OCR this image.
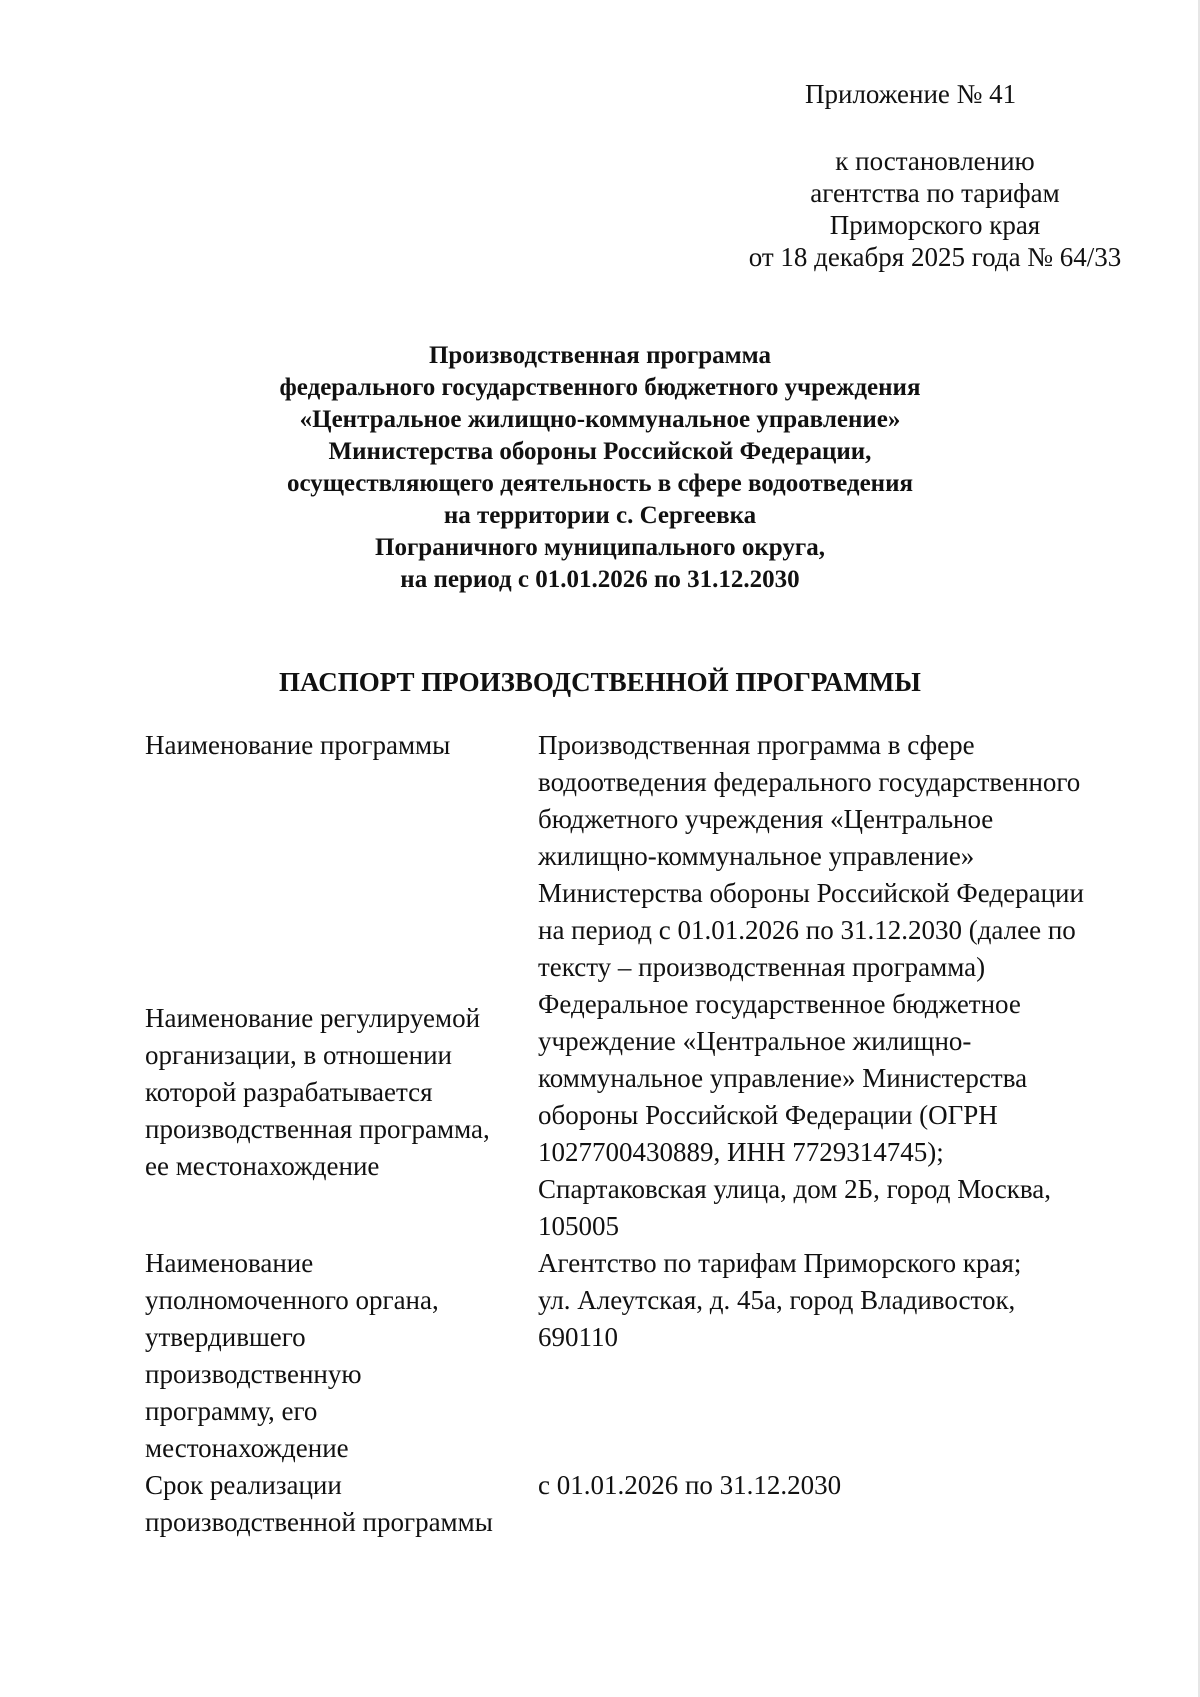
Приложение № 41
к постановлению
агентства по тарифам
Приморского края
от 18 декабря 2025 года № 64/33
Производственная программа
федерального государственного бюджетного учреждения
«Центральное жилищно-коммунальное управление»
Министерства обороны Российской Федерации,
осуществляющего деятельность в сфере водоотведения
на территории с. Сергеевка
Пограничного муниципального округа,
на период с 01.01.2026 по 31.12.2030
ПАСПОРТ ПРОИЗВОДСТВЕННОЙ ПРОГРАММЫ
Наименование программы	Производственная программа в сфере
водоотведения федерального государственного
бюджетного учреждения «Центральное
жилищно-коммунальное управление»
Министерства обороны Российской Федерации
на период с 01.01.2026 по 31.12.2030 (далее по
тексту – производственная программа)
Наименование регулируемой
организации, в отношении
которой разрабатывается
производственная программа,
ее местонахождение
Федеральное государственное бюджетное
учреждение «Центральное жилищно-
коммунальное управление» Министерства
обороны Российской Федерации (ОГРН
1027700430889, ИНН 7729314745);
Спартаковская улица, дом 2Б, город Москва,
105005
Наименование
уполномоченного органа,
утвердившего
производственную
программу, его
местонахождение
Агентство по тарифам Приморского края;
ул. Алеутская, д. 45а, город Владивосток,
690110
Срок реализации
производственной программы
с 01.01.2026 по 31.12.2030
